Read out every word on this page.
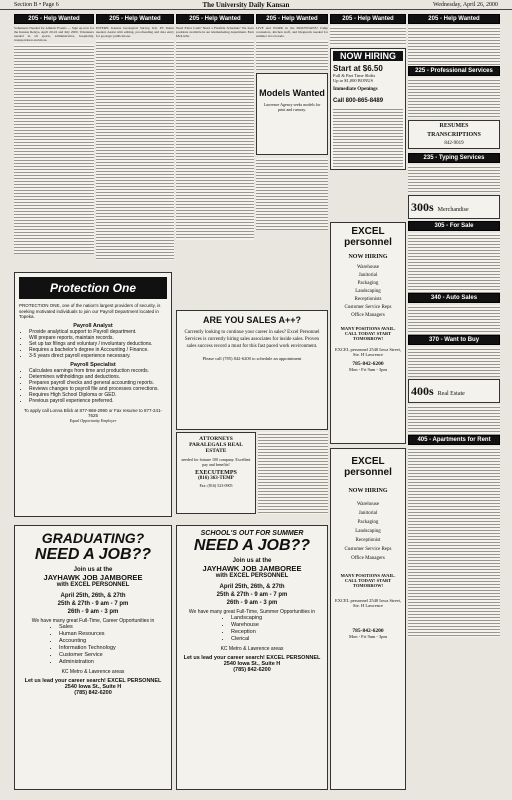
Section B • Page 6	The University Daily Kansan	Wednesday, April 26, 2000
205 - Help Wanted
Volunteers Needed for Athletic Events — Sign up now for the Kansas Relays, April 20-22 and July 2000. Volunteers needed in all sports, administrative, hospitality, transportation and more.
205 - Help Wanted
INTERN. Kansas Geological Survey, KU. PT Intern needed. Assist with editing, proofreading and data entry for geologic publications.
205 - Help Wanted
Need Extra Cash? Need a Flexible Schedule? We have positions available in our telemarketing department. Earn $8-$12/hr.
205 - Help Wanted
LIVE and WORK in the MOUNTAINS! Camp counselors, kitchen staff, and lifeguards needed for summer in Colorado.
Models Wanted
Lawrence Agency seeks models for print and runway.
205 - Help Wanted
NOW HIRING
Start at $6.50
Full & Part Time Shifts
Up to $1,000 BONUS
Immediate Openings
Call 800-865-8489
205 - Help Wanted
225 - Professional Services
RESUMES
TRANSCRIPTIONS
842-9019
235 - Typing Services
300s Merchandise
305 - For Sale
340 - Auto Sales
370 - Want to Buy
400s Real Estate
405 - Apartments for Rent
EXCEL personnel
NOW HIRING
Warehouse
Janitorial
Packaging
Landscaping
Receptionists
Customer Service Reps
Office Managers
MANY POSITIONS AVAIL. CALL TODAY! START TOMORROW!
EXCEL personnel 2540 Iowa Street, Ste. H Lawrence
785-842-6200
Mon - Fri 9am - 3pm
Protection One
PROTECTION ONE, one of the nation's largest providers of security, is seeking motivated individuals to join our Payroll Department located in Topeka.
Payroll Analyst
• Provide analytical support to Payroll department.
• Will prepare reports, maintain records.
• Set up tax filings and voluntary / involuntary deductions.
• Requires a bachelor's degree in Accounting / Finance.
• 3-5 years direct payroll experience necessary.
Payroll Specialist
• Calculates earnings from time and production records.
• Determines withholdings and deductions.
• Prepares payroll checks and general accounting reports.
• Reviews changes to payroll file and processes corrections.
• Requires High School Diploma or GED.
• Previous payroll experience preferred.
To apply call Lonna Blick at 877-868-2990 or Fax resume to 877-241-7625
Equal Opportunity Employer
ARE YOU SALES A++?
Currently looking to continue your career in sales? Excel Personnel Services is currently hiring sales associates for inside sales. Proven sales success record a must for this fast paced work environment.
Please call (785) 842-6200 to schedule an appointment
ATTORNEYS PARALEGALS REAL ESTATE
needed for fortune 100 company. Excellent pay and benefits!
EXECUTEMPS
(816) 363-TEMP
Fax: (816) 523-0905
GRADUATING?
NEED A JOB??
Join us at the
JAYHAWK JOB JAMBOREE
with EXCEL PERSONNEL
April 25th, 26th, & 27th
25th & 27th - 9 am - 7 pm
26th - 9 am - 3 pm
We have many great Full-Time, Career Opportunities in
• Sales
• Human Resources
• Accounting
• Information Technology
• Customer Service
• Administration
KC Metro & Lawrence areas
Let us lead your career search! EXCEL PERSONNEL
2540 Iowa St., Suite H
(785) 842-6200
SCHOOL'S OUT FOR SUMMER
NEED A JOB??
Join us at the
JAYHAWK JOB JAMBOREE
with EXCEL PERSONNEL
April 25th, 26th, & 27th
25th & 27th - 9 am - 7 pm
26th - 9 am - 3 pm
We have many great Full-Time, Summer Opportunities in
• Landscaping
• Warehouse
• Reception
• Clerical
KC Metro & Lawrence areas
Let us lead your career search! EXCEL PERSONNEL
2540 Iowa St., Suite H
(785) 842-6200
EXCEL personnel
NOW HIRING
Warehouse
Janitorial
Packaging
Landscaping
Receptionist
Customer Service Reps
Office Managers
MANY POSITIONS AVAIL. CALL TODAY! START TOMORROW!
EXCEL personnel 2540 Iowa Street, Ste. H Lawrence
785-842-6200
Mon - Fri 9am - 3pm
